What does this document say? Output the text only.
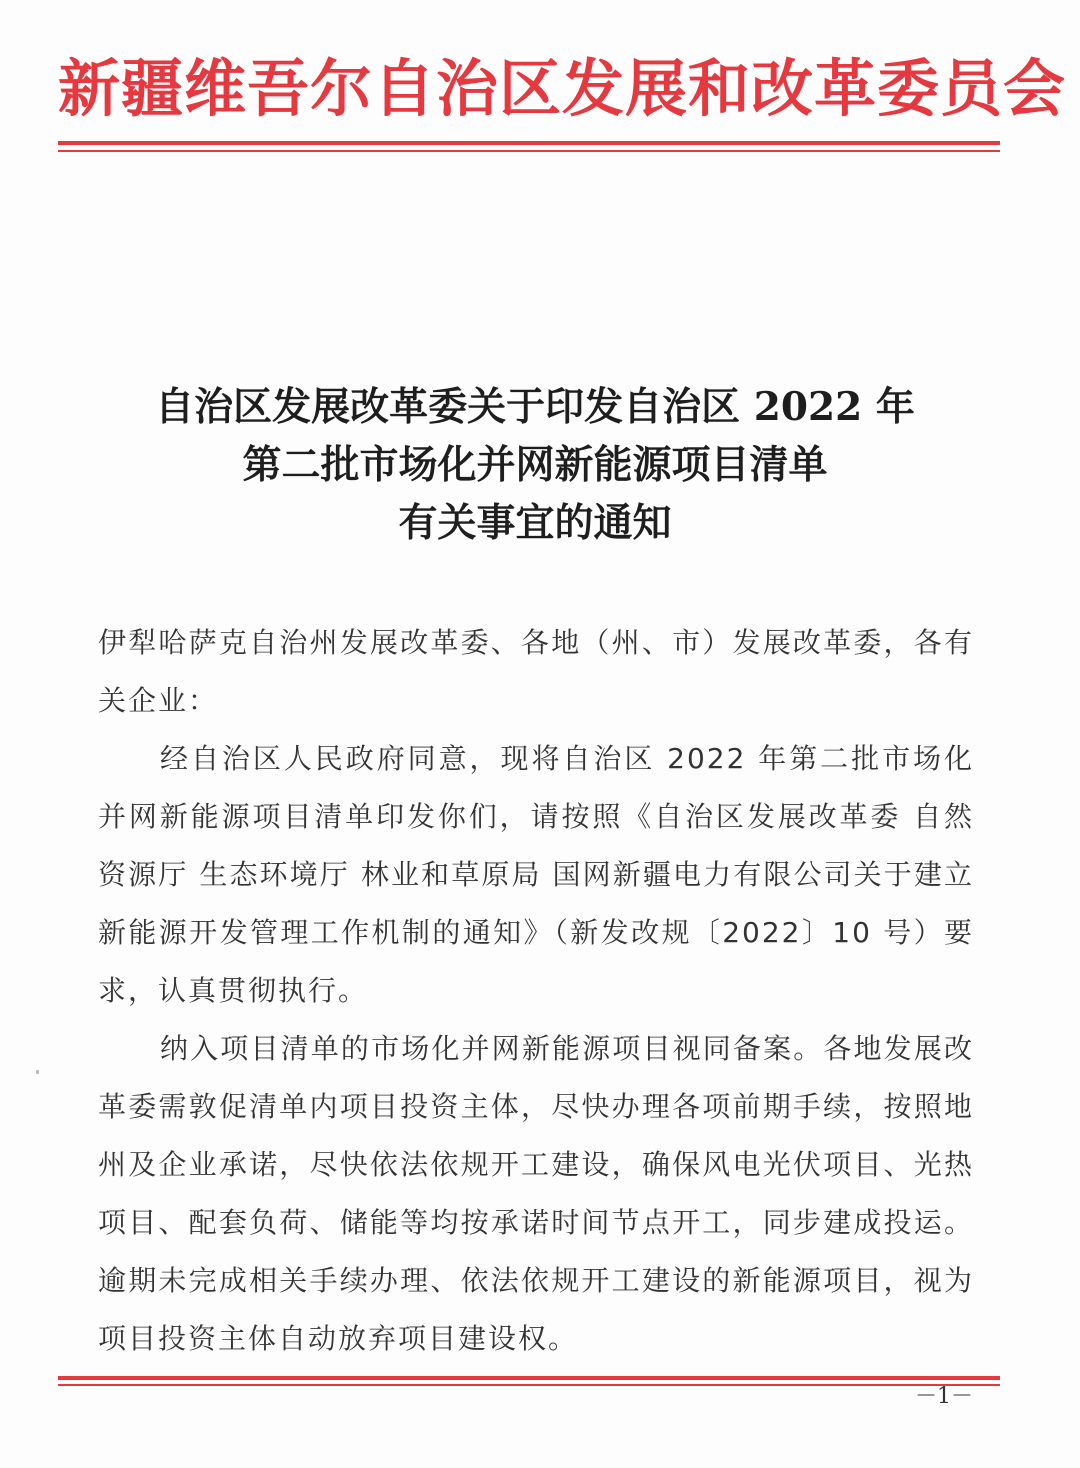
新疆维吾尔自治区发展和改革委员会
自治区发展改革委关于印发自治区 2022 年
第二批市场化并网新能源项目清单
有关事宜的通知

伊犁哈萨克自治州发展改革委、各地（州、市）发展改革委，各有关企业：

经自治区人民政府同意，现将自治区 2022 年第二批市场化并网新能源项目清单印发你们，请按照《自治区发展改革委 自然资源厅 生态环境厅 林业和草原局 国网新疆电力有限公司关于建立新能源开发管理工作机制的通知》（新发改规〔2022〕10 号）要求，认真贯彻执行。

纳入项目清单的市场化并网新能源项目视同备案。各地发展改革委需敦促清单内项目投资主体，尽快办理各项前期手续，按照地州及企业承诺，尽快依法依规开工建设，确保风电光伏项目、光热项目、配套负荷、储能等均按承诺时间节点开工，同步建成投运。逾期未完成相关手续办理、依法依规开工建设的新能源项目，视为项目投资主体自动放弃项目建设权。

－1－
